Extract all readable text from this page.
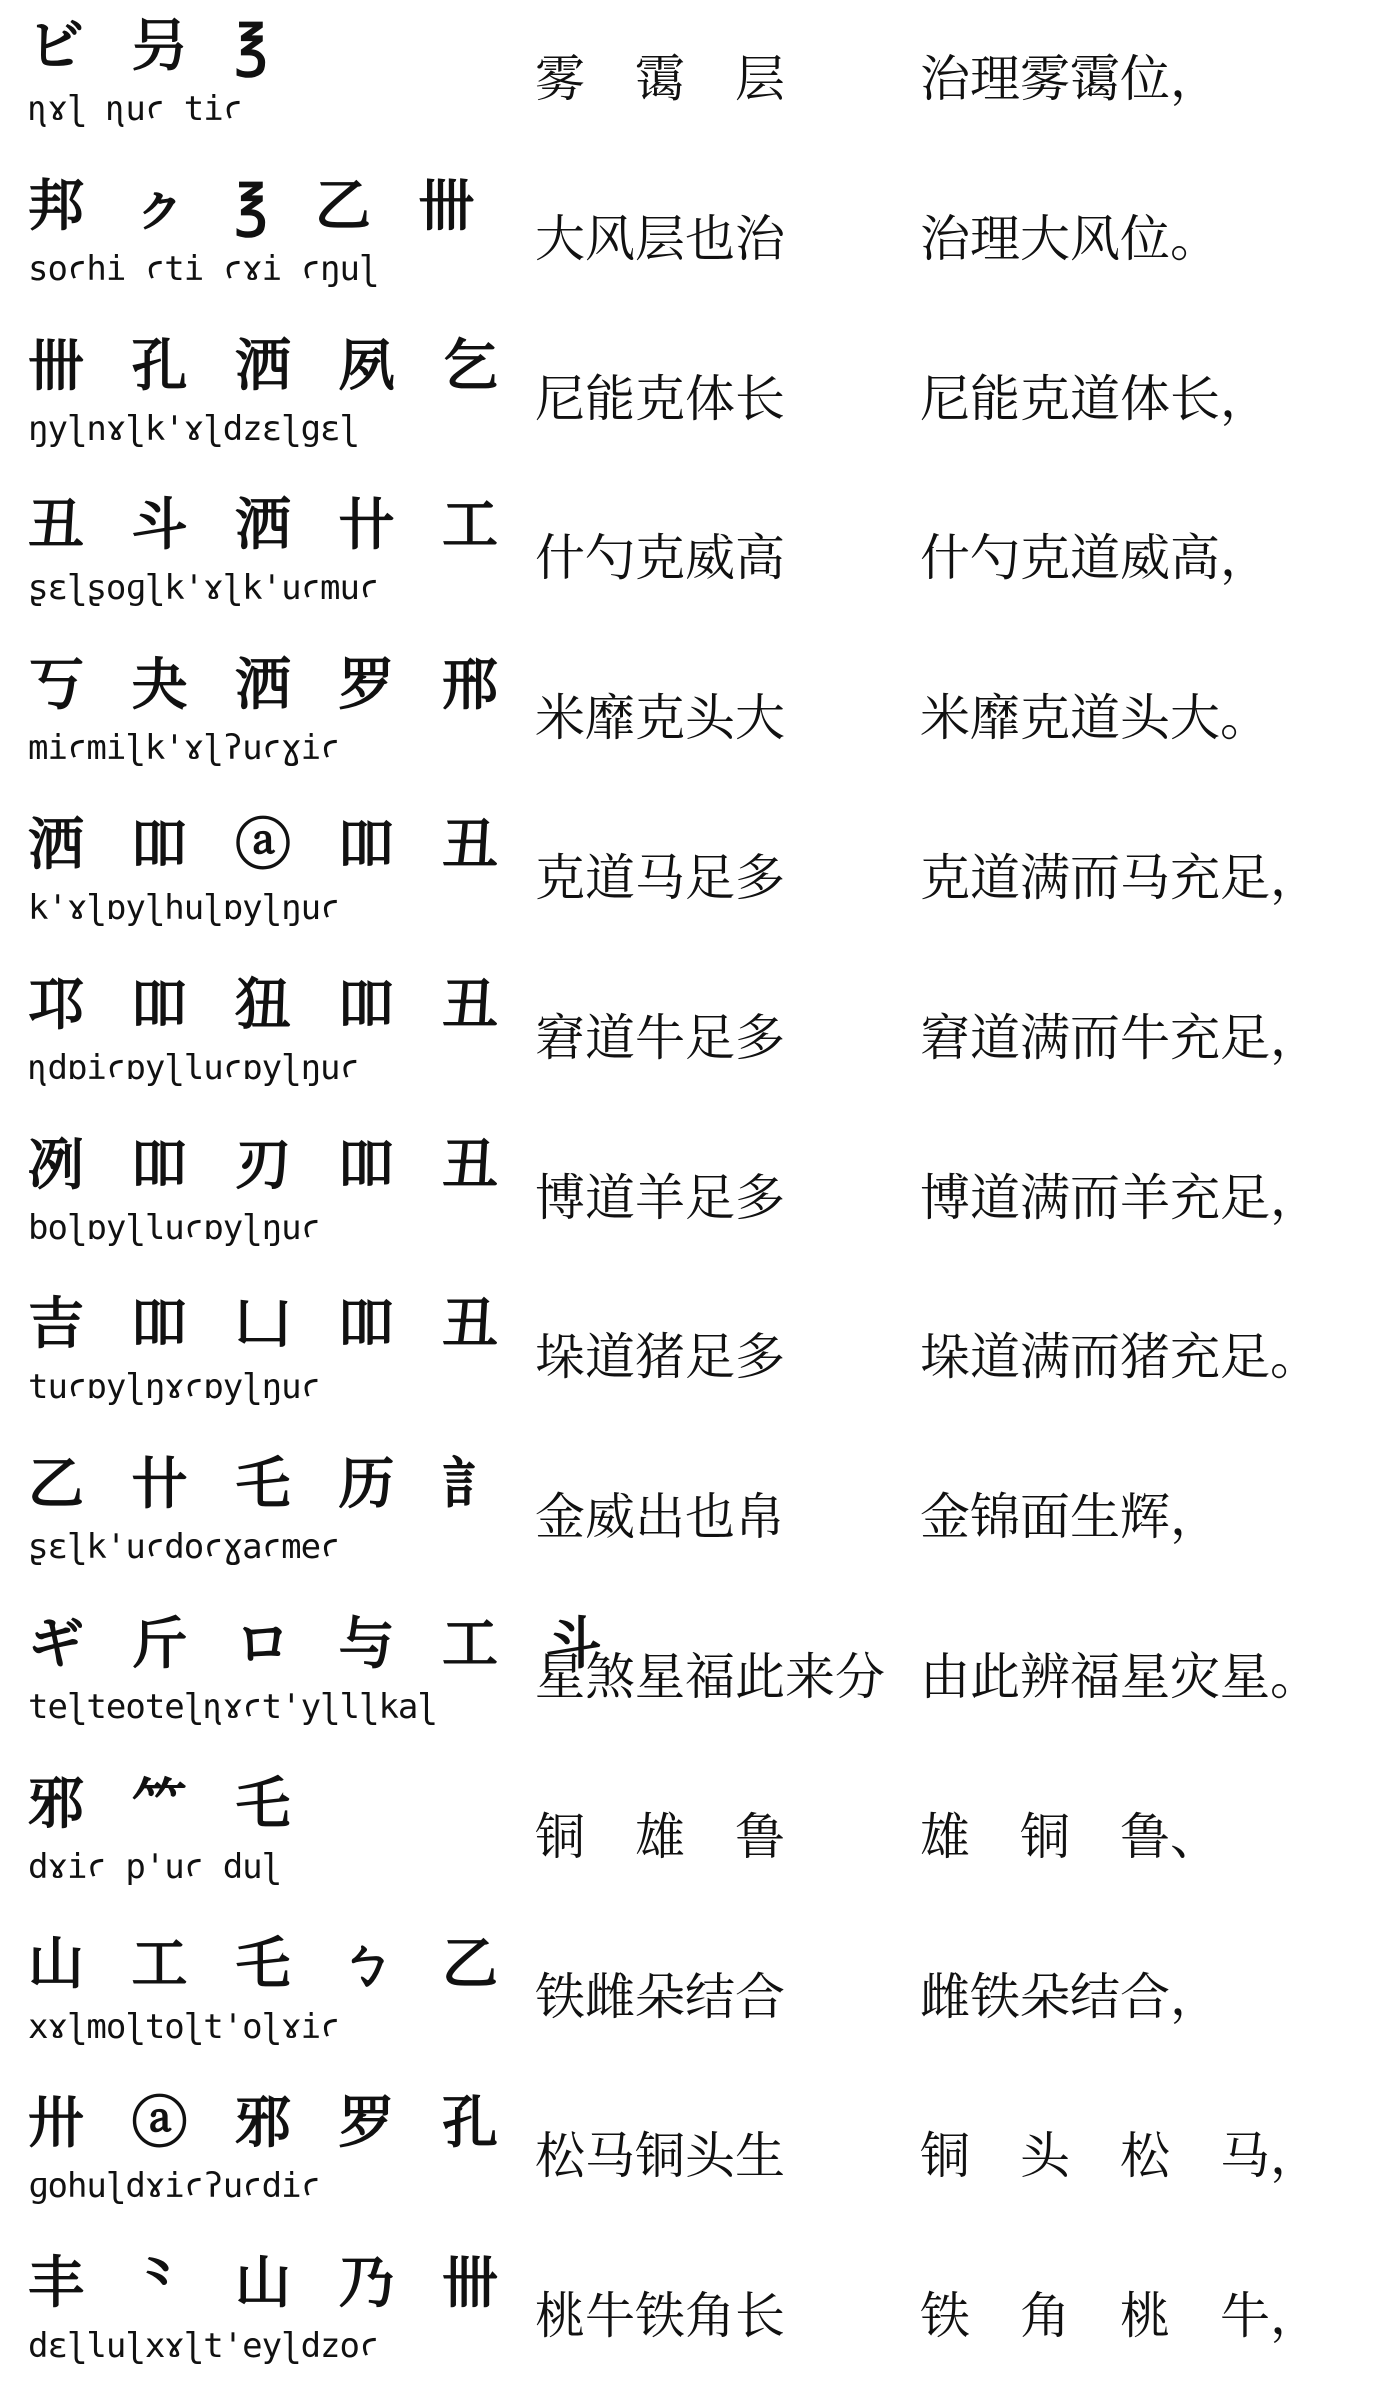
ビ 叧 ℥
ɳɤɭ ɳuꜥ tiꜥ
雾　霭　层	治理雾霭位，
邦 ㇰ ℥ 乙 卌
soꜥhi ꜥti ꜥɤi ꜥŋuɭ
大风层也治	治理大风位。
卌 孔 洒 夙 乞
ŋyɭnɤɭk'ɤɭdzɛɭgɛɭ
尼能克体长	尼能克道体长，
丑 斗 洒 卄 工
ʂɛɭʂoɡɭk'ɤɭk'uꜥmuꜥ
什勺克威高	什勺克道威高，
丂 夬 洒 罗 邢
miꜥmiɭk'ɤɭʔuꜥɣiꜥ
米靡克头大	米靡克道头大。
洒 吅 ⓐ 吅 丑
k'ɤɭɒyɭhuɭɒyɭŋuꜥ
克道马足多	克道满而马充足，
邛 吅 狃 吅 丑
ɳdɒiꜥɒyɭluꜥɒyɭŋuꜥ
窘道牛足多	窘道满而牛充足，
冽 吅 刃 吅 丑
boɭɒyɭluꜥɒyɭŋuꜥ
博道羊足多	博道满而羊充足，
吉 吅 ⼐ 吅 丑
tuꜥɒyɭŋɤꜥɒyɭŋuꜥ
垛道猪足多	垛道满而猪充足。
乙 卄 乇 历 訁
ʂɛɭk'uꜥdoꜥɣaꜥmeꜥ
金威出也帛	金锦面生辉，
ギ 斤 ロ 与 工 斗
teɭteoteɭɳɤꜥt'yɭlɭkaɭ
星煞星福此来分 由此辨福星灾星。
邪 ⺮ 乇
dɤiꜥ p'uꜥ duɭ
铜　雄　鲁	雄　铜　鲁、
山 工 乇 ㄅ 乙
xɤɭmoɭtoɭt'oɭɤiꜥ
铁雌朵结合	雌铁朵结合，
卅 ⓐ 邪 罗 孔
ɡohuɭdɤiꜥʔuꜥdiꜥ
松马铜头生	铜　头　松　马，
丰 ⺀ 山 乃 卌
dɛɭluɭxɤɭt'eyɭdzoꜥ
桃牛铁角长	铁　角　桃　牛，
